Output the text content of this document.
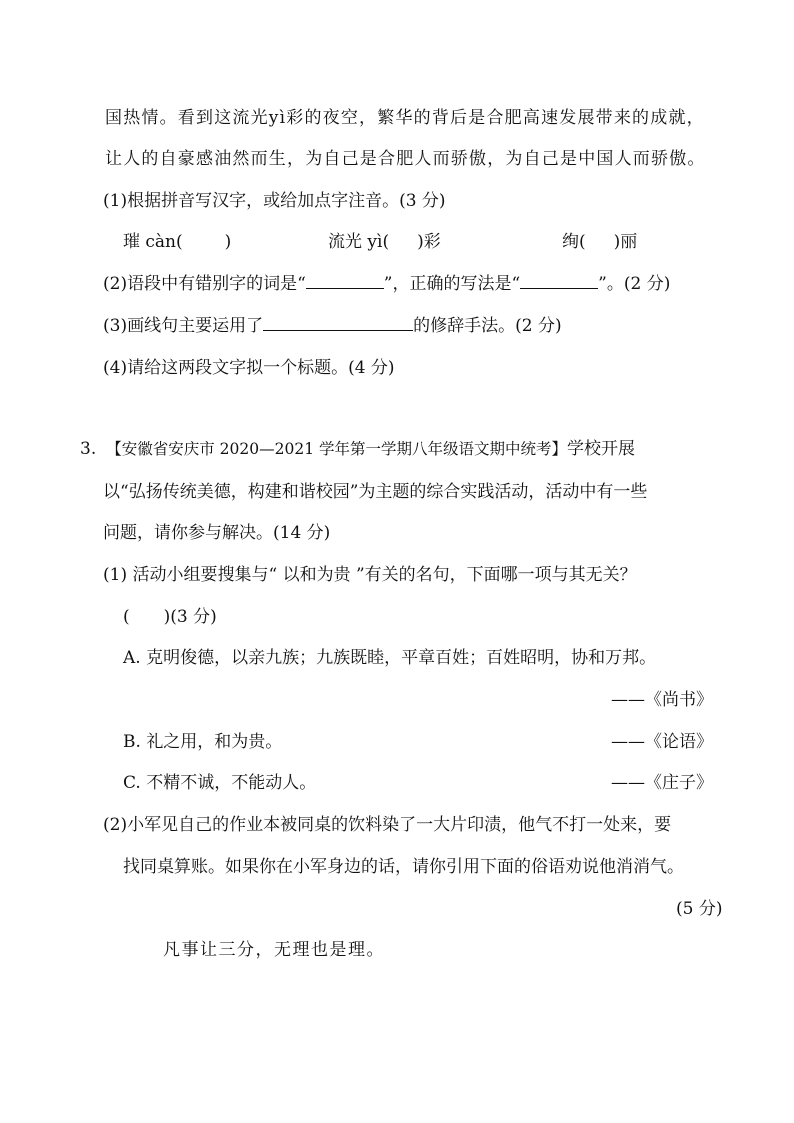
国热情。看到这流光yì彩的夜空，繁华的背后是合肥高速发展带来的成就，
让人的自豪感油然而生，为自己是合肥人而骄傲，为自己是中国人而骄傲。
(1)根据拼音写汉字，或给加点字注音。(3 分)
璀 càn( )	流光 yì( )彩	绚( )丽
(2)语段中有错别字的词是“	”，正确的写法是“	”。(2 分)
(3)画线句主要运用了	的修辞手法。(2 分)
(4)请给这两段文字拟一个标题。(4 分)
3. 【安徽省安庆市 2020—2021 学年第一学期八年级语文期中统考】学校开展
以“弘扬传统美德，构建和谐校园”为主题的综合实践活动，活动中有一些
问题，请你参与解决。(14 分)
(1) 活动小组要搜集与“ 以和为贵 ”有关的名句，下面哪一项与其无关？
(　　)(3 分)
A. 克明俊德，以亲九族；九族既睦，平章百姓；百姓昭明，协和万邦。
——《尚书》
B. 礼之用，和为贵。	——《论语》
C. 不精不诚，不能动人。	——《庄子》
(2)小军见自己的作业本被同桌的饮料染了一大片印渍，他气不打一处来，要
找同桌算账。如果你在小军身边的话，请你引用下面的俗语劝说他消消气。
(5 分)
凡事让三分，无理也是理。
